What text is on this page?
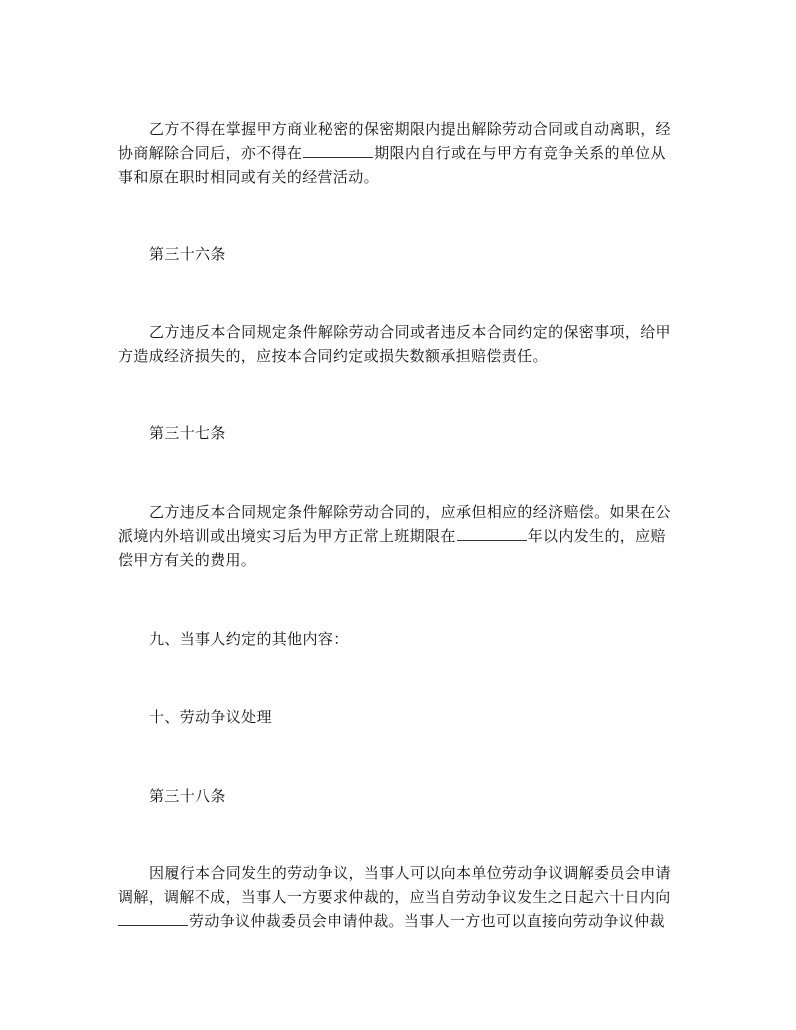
乙方不得在掌握甲方商业秘密的保密期限内提出解除劳动合同或自动离职，经
协商解除合同后，亦不得在	期限内自行或在与甲方有竞争关系的单位从
事和原在职时相同或有关的经营活动。
第三十六条
乙方违反本合同规定条件解除劳动合同或者违反本合同约定的保密事项，给甲
方造成经济损失的，应按本合同约定或损失数额承担赔偿责任。
第三十七条
乙方违反本合同规定条件解除劳动合同的，应承但相应的经济赔偿。如果在公
派境内外培训或出境实习后为甲方正常上班期限在	年以内发生的，应赔
偿甲方有关的费用。
九、当事人约定的其他内容：
十、劳动争议处理
第三十八条
因履行本合同发生的劳动争议，当事人可以向本单位劳动争议调解委员会申请
调解，调解不成，当事人一方要求仲裁的，应当自劳动争议发生之日起六十日内向
劳动争议仲裁委员会申请仲裁。当事人一方也可以直接向劳动争议仲裁
